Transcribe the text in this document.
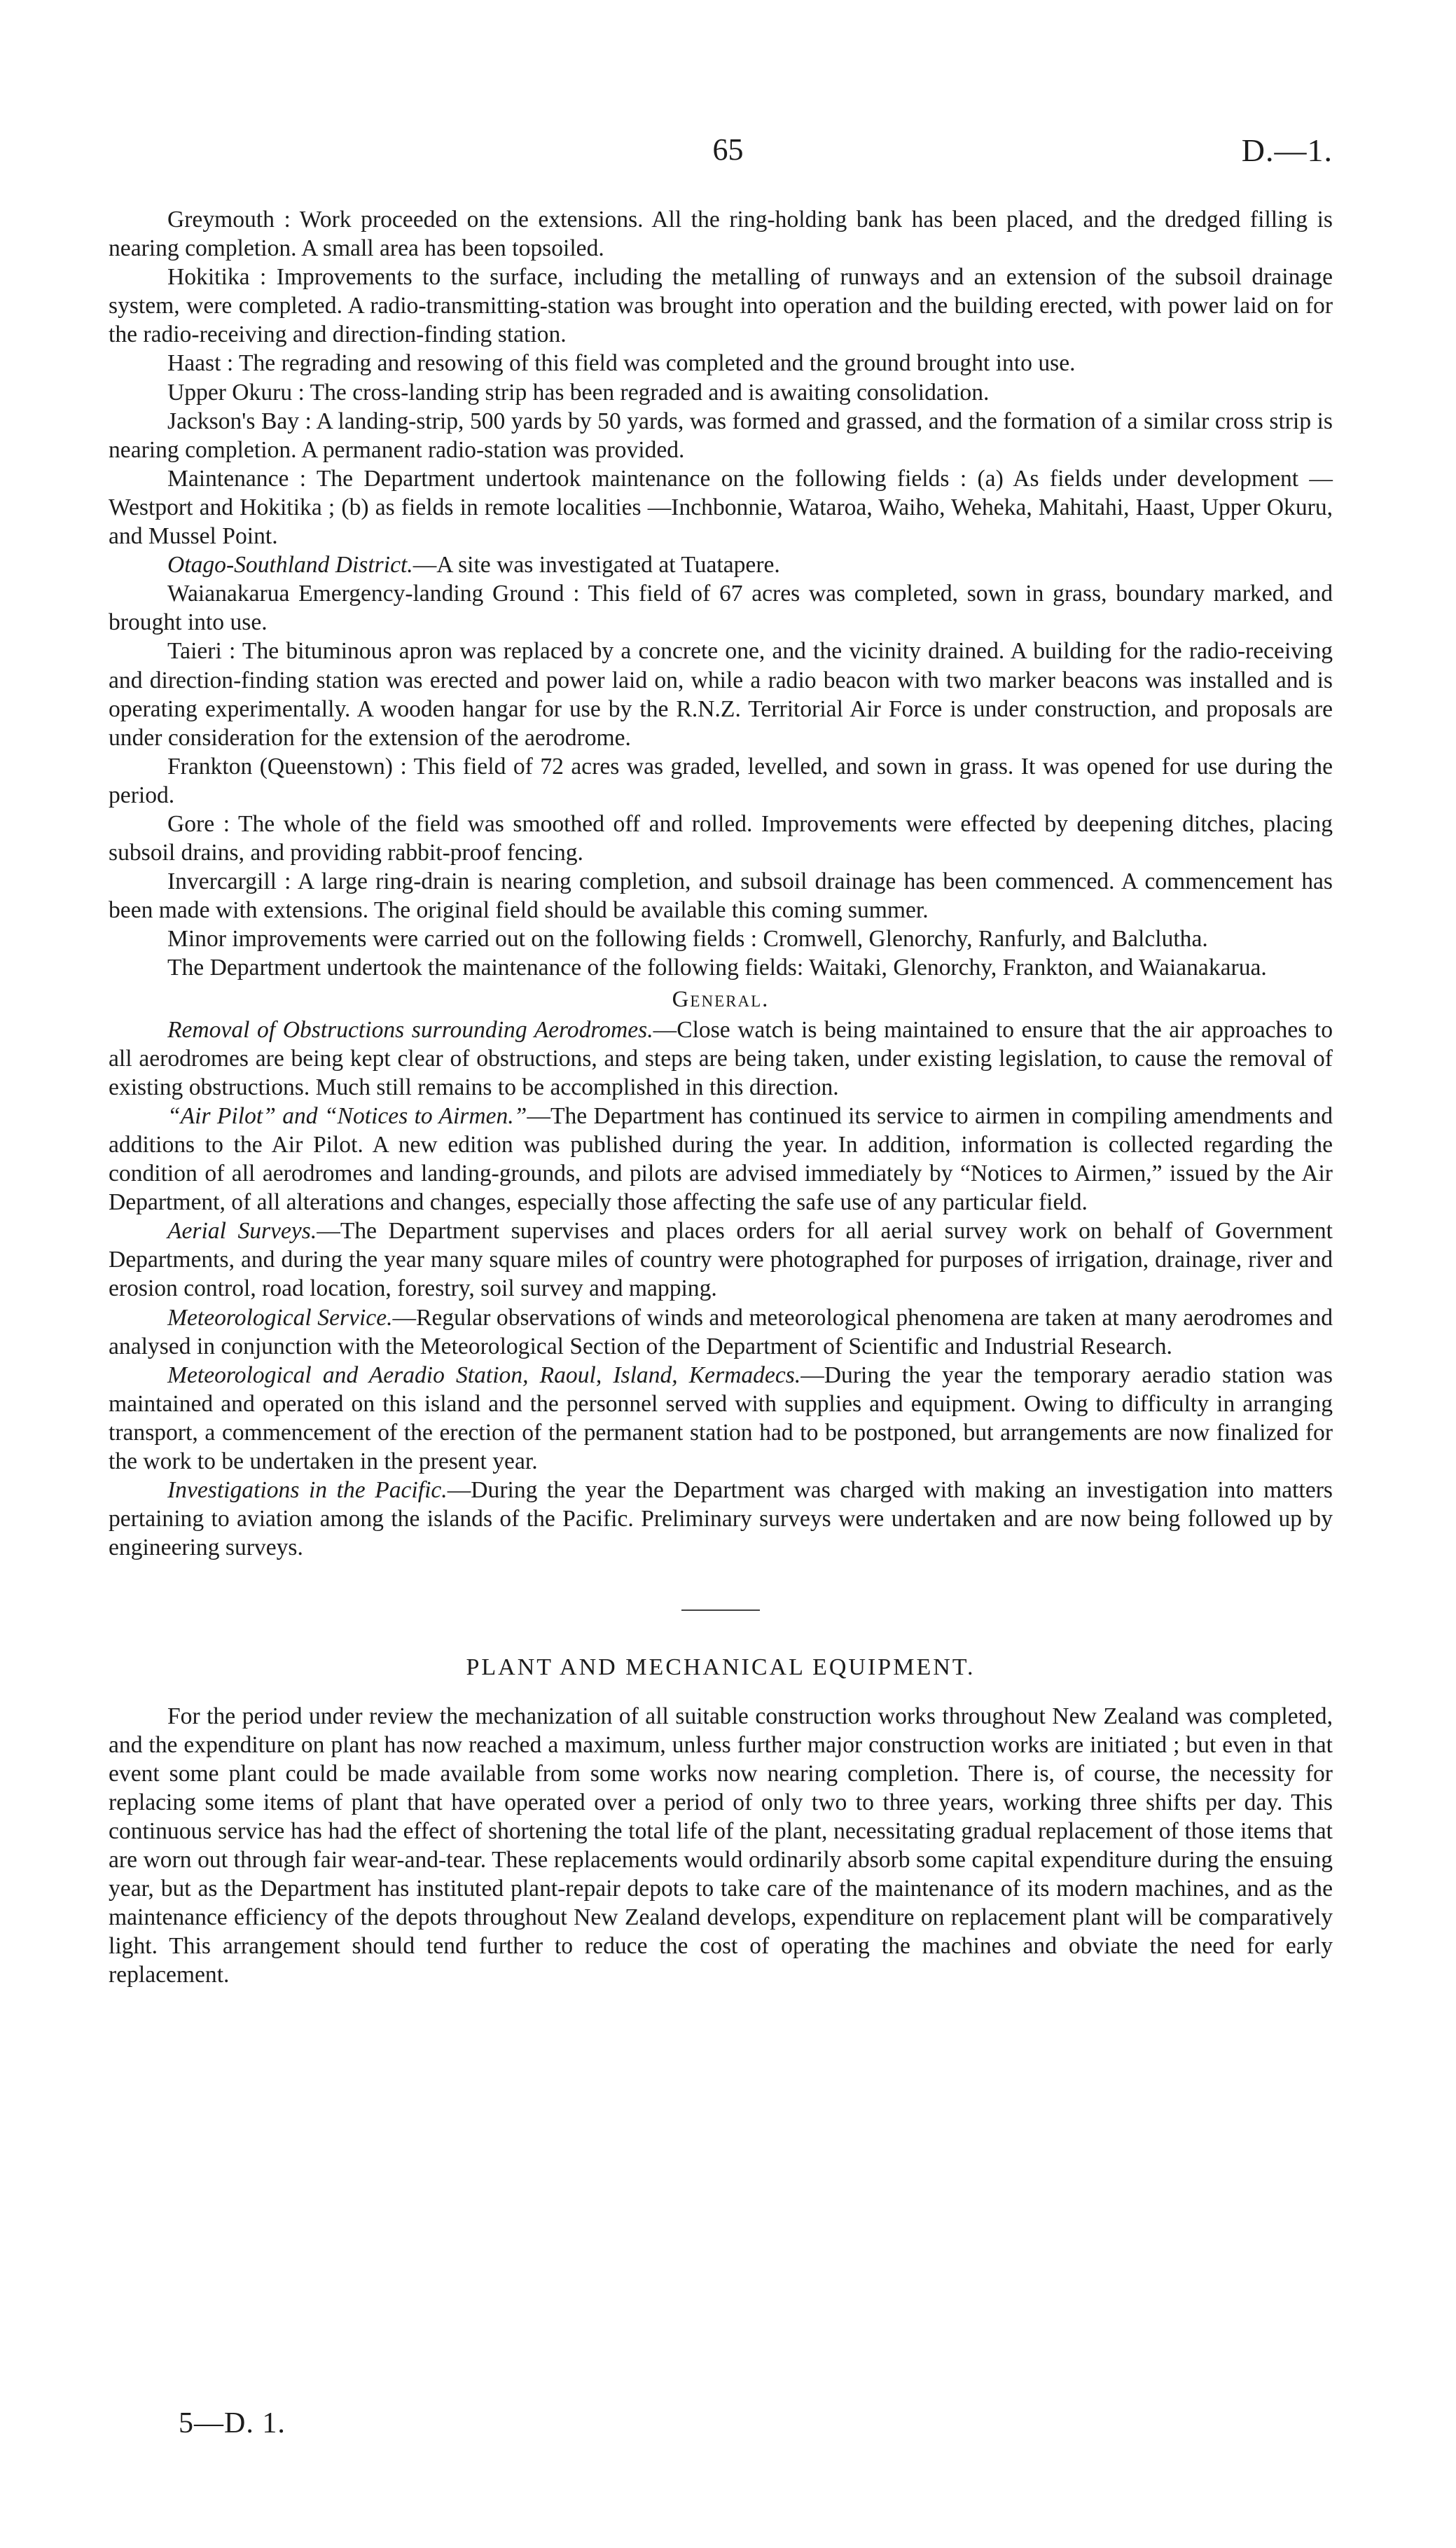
65	D.—1.

Greymouth : Work proceeded on the extensions. All the ring-holding bank has been placed, and the dredged filling is nearing completion. A small area has been topsoiled.

Hokitika : Improvements to the surface, including the metalling of runways and an extension of the subsoil drainage system, were completed. A radio-transmitting-station was brought into operation and the building erected, with power laid on for the radio-receiving and direction-finding station.

Haast : The regrading and resowing of this field was completed and the ground brought into use.

Upper Okuru : The cross-landing strip has been regraded and is awaiting consolidation.

Jackson's Bay : A landing-strip, 500 yards by 50 yards, was formed and grassed, and the formation of a similar cross strip is nearing completion. A permanent radio-station was provided.

Maintenance : The Department undertook maintenance on the following fields : (a) As fields under development —Westport and Hokitika ; (b) as fields in remote localities —Inchbonnie, Wataroa, Waiho, Weheka, Mahitahi, Haast, Upper Okuru, and Mussel Point.

Otago-Southland District.—A site was investigated at Tuatapere.

Waianakarua Emergency-landing Ground : This field of 67 acres was completed, sown in grass, boundary marked, and brought into use.

Taieri : The bituminous apron was replaced by a concrete one, and the vicinity drained. A building for the radio-receiving and direction-finding station was erected and power laid on, while a radio beacon with two marker beacons was installed and is operating experimentally. A wooden hangar for use by the R.N.Z. Territorial Air Force is under construction, and proposals are under consideration for the extension of the aerodrome.

Frankton (Queenstown) : This field of 72 acres was graded, levelled, and sown in grass. It was opened for use during the period.

Gore : The whole of the field was smoothed off and rolled. Improvements were effected by deepening ditches, placing subsoil drains, and providing rabbit-proof fencing.

Invercargill : A large ring-drain is nearing completion, and subsoil drainage has been commenced. A commencement has been made with extensions. The original field should be available this coming summer.

Minor improvements were carried out on the following fields : Cromwell, Glenorchy, Ranfurly, and Balclutha.

The Department undertook the maintenance of the following fields: Waitaki, Glenorchy, Frankton, and Waianakarua.

General.

Removal of Obstructions surrounding Aerodromes.—Close watch is being maintained to ensure that the air approaches to all aerodromes are being kept clear of obstructions, and steps are being taken, under existing legislation, to cause the removal of existing obstructions. Much still remains to be accomplished in this direction.

“Air Pilot” and “Notices to Airmen.”—The Department has continued its service to airmen in compiling amendments and additions to the Air Pilot. A new edition was published during the year. In addition, information is collected regarding the condition of all aerodromes and landing-grounds, and pilots are advised immediately by “Notices to Airmen,” issued by the Air Department, of all alterations and changes, especially those affecting the safe use of any particular field.

Aerial Surveys.—The Department supervises and places orders for all aerial survey work on behalf of Government Departments, and during the year many square miles of country were photographed for purposes of irrigation, drainage, river and erosion control, road location, forestry, soil survey and mapping.

Meteorological Service.—Regular observations of winds and meteorological phenomena are taken at many aerodromes and analysed in conjunction with the Meteorological Section of the Department of Scientific and Industrial Research.

Meteorological and Aeradio Station, Raoul, Island, Kermadecs.—During the year the temporary aeradio station was maintained and operated on this island and the personnel served with supplies and equipment. Owing to difficulty in arranging transport, a commencement of the erection of the permanent station had to be postponed, but arrangements are now finalized for the work to be undertaken in the present year.

Investigations in the Pacific.—During the year the Department was charged with making an investigation into matters pertaining to aviation among the islands of the Pacific. Preliminary surveys were undertaken and are now being followed up by engineering surveys.

PLANT AND MECHANICAL EQUIPMENT.

For the period under review the mechanization of all suitable construction works throughout New Zealand was completed, and the expenditure on plant has now reached a maximum, unless further major construction works are initiated ; but even in that event some plant could be made available from some works now nearing completion. There is, of course, the necessity for replacing some items of plant that have operated over a period of only two to three years, working three shifts per day. This continuous service has had the effect of shortening the total life of the plant, necessitating gradual replacement of those items that are worn out through fair wear-and-tear. These replacements would ordinarily absorb some capital expenditure during the ensuing year, but as the Department has instituted plant-repair depots to take care of the maintenance of its modern machines, and as the maintenance efficiency of the depots throughout New Zealand develops, expenditure on replacement plant will be comparatively light. This arrangement should tend further to reduce the cost of operating the machines and obviate the need for early replacement.

5—D. 1.
